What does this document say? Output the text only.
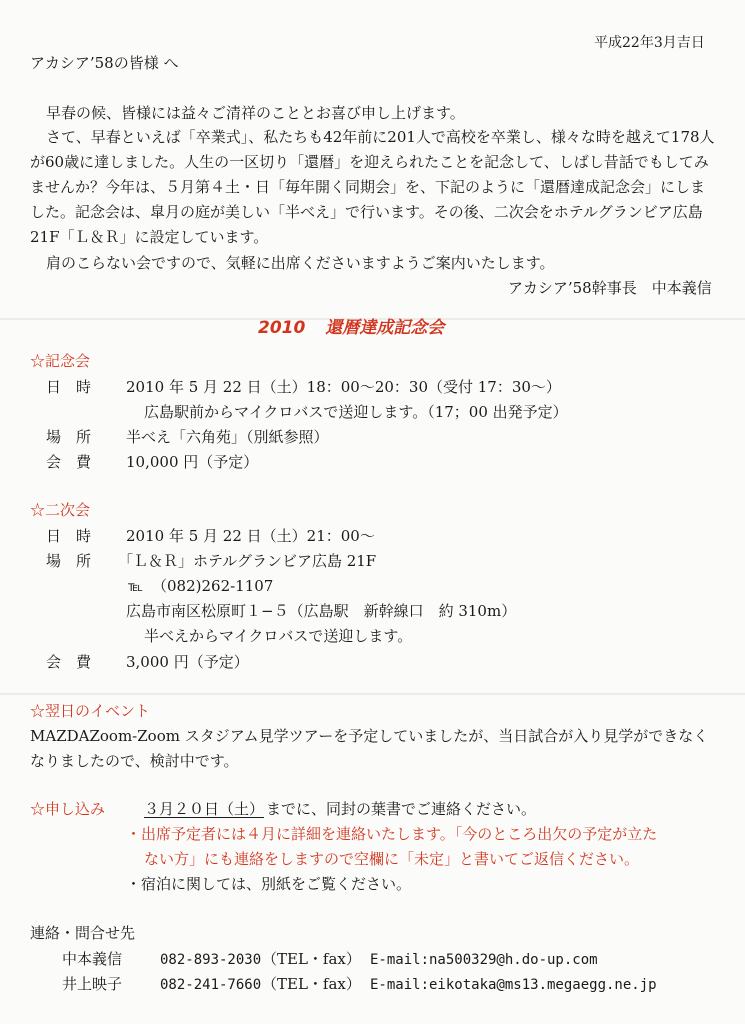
平成22年3月吉日
アカシア’58の皆様 へ
早春の候、皆様には益々ご清祥のこととお喜び申し上げます。
さて、早春といえば「卒業式」、私たちも42年前に201人で高校を卒業し、様々な時を越えて178人
が60歳に達しました。人生の一区切り「還暦」を迎えられたことを記念して、しばし昔話でもしてみ
ませんか？今年は、５月第４土・日「毎年開く同期会」を、下記のように「還暦達成記念会」にしま
した。記念会は、皐月の庭が美しい「半べえ」で行います。その後、二次会をホテルグランビア広島
21F「Ｌ＆Ｒ」に設定しています。
肩のこらない会ですので、気軽に出席くださいますようご案内いたします。
アカシア’58幹事長　中本義信
2010 還暦達成記念会
☆記念会
日　時 2010 年 5 月 22 日（土）18：00～20：30（受付 17：30～）
広島駅前からマイクロバスで送迎します。（17；00 出発予定）
場　所 半べえ「六角苑」（別紙参照）
会　費 10,000 円（予定）
☆二次会
日　時 2010 年 5 月 22 日（土）21：00～
場　所 「Ｌ＆Ｒ」ホテルグランビア広島 21F
℡ （082)262-1107
広島市南区松原町１−５（広島駅　新幹線口　約 310m）
半べえからマイクロバスで送迎します。
会　費 3,000 円（予定）
☆翌日のイベント
MAZDAZoom-Zoom スタジアム見学ツアーを予定していましたが、当日試合が入り見学ができなく
なりましたので、検討中です。
☆申し込み	３月２０日（土） までに、同封の葉書でご連絡ください。
・出席予定者には４月に詳細を連絡いたします。「今のところ出欠の予定が立た
ない方」にも連絡をしますので空欄に「未定」と書いてご返信ください。
・宿泊に関しては、別紙をご覧ください。
連絡・問合せ先
中本義信	082-893-2030 （TEL・fax） E-mail:na500329@h.do-up.com
井上映子	082-241-7660 （TEL・fax） E-mail:eikotaka@ms13.megaegg.ne.jp
